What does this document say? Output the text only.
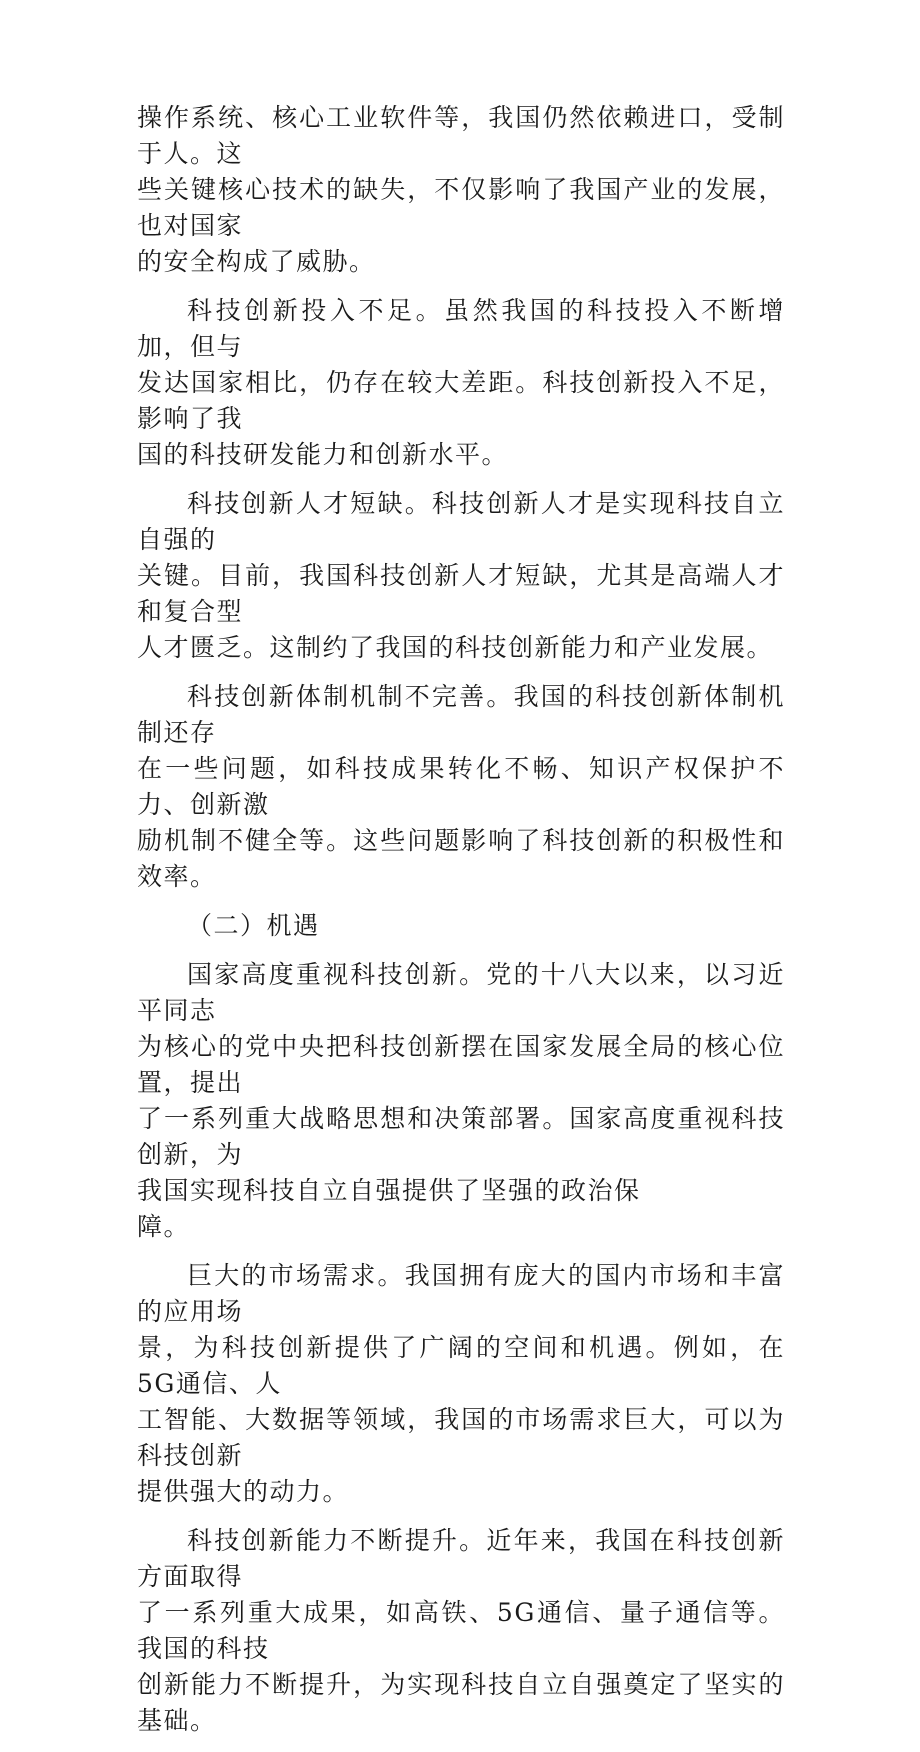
操作系统、核心工业软件等，我国仍然依赖进口，受制于人。这
些关键核心技术的缺失，不仅影响了我国产业的发展，也对国家
的安全构成了威胁。

科技创新投入不足。虽然我国的科技投入不断增加，但与
发达国家相比，仍存在较大差距。科技创新投入不足，影响了我
国的科技研发能力和创新水平。

科技创新人才短缺。科技创新人才是实现科技自立自强的
关键。目前，我国科技创新人才短缺，尤其是高端人才和复合型
人才匮乏。这制约了我国的科技创新能力和产业发展。

科技创新体制机制不完善。我国的科技创新体制机制还存
在一些问题，如科技成果转化不畅、知识产权保护不力、创新激
励机制不健全等。这些问题影响了科技创新的积极性和效率。

（二）机遇

国家高度重视科技创新。党的十八大以来，以习近平同志
为核心的党中央把科技创新摆在国家发展全局的核心位置，提出
了一系列重大战略思想和决策部署。国家高度重视科技创新，为
我国实现科技自立自强提供了坚强的政治保
障。

巨大的市场需求。我国拥有庞大的国内市场和丰富的应用场
景，为科技创新提供了广阔的空间和机遇。例如，在5G通信、人
工智能、大数据等领域，我国的市场需求巨大，可以为科技创新
提供强大的动力。

科技创新能力不断提升。近年来，我国在科技创新方面取得
了一系列重大成果，如高铁、5G通信、量子通信等。我国的科技
创新能力不断提升，为实现科技自立自强奠定了坚实的基础。
